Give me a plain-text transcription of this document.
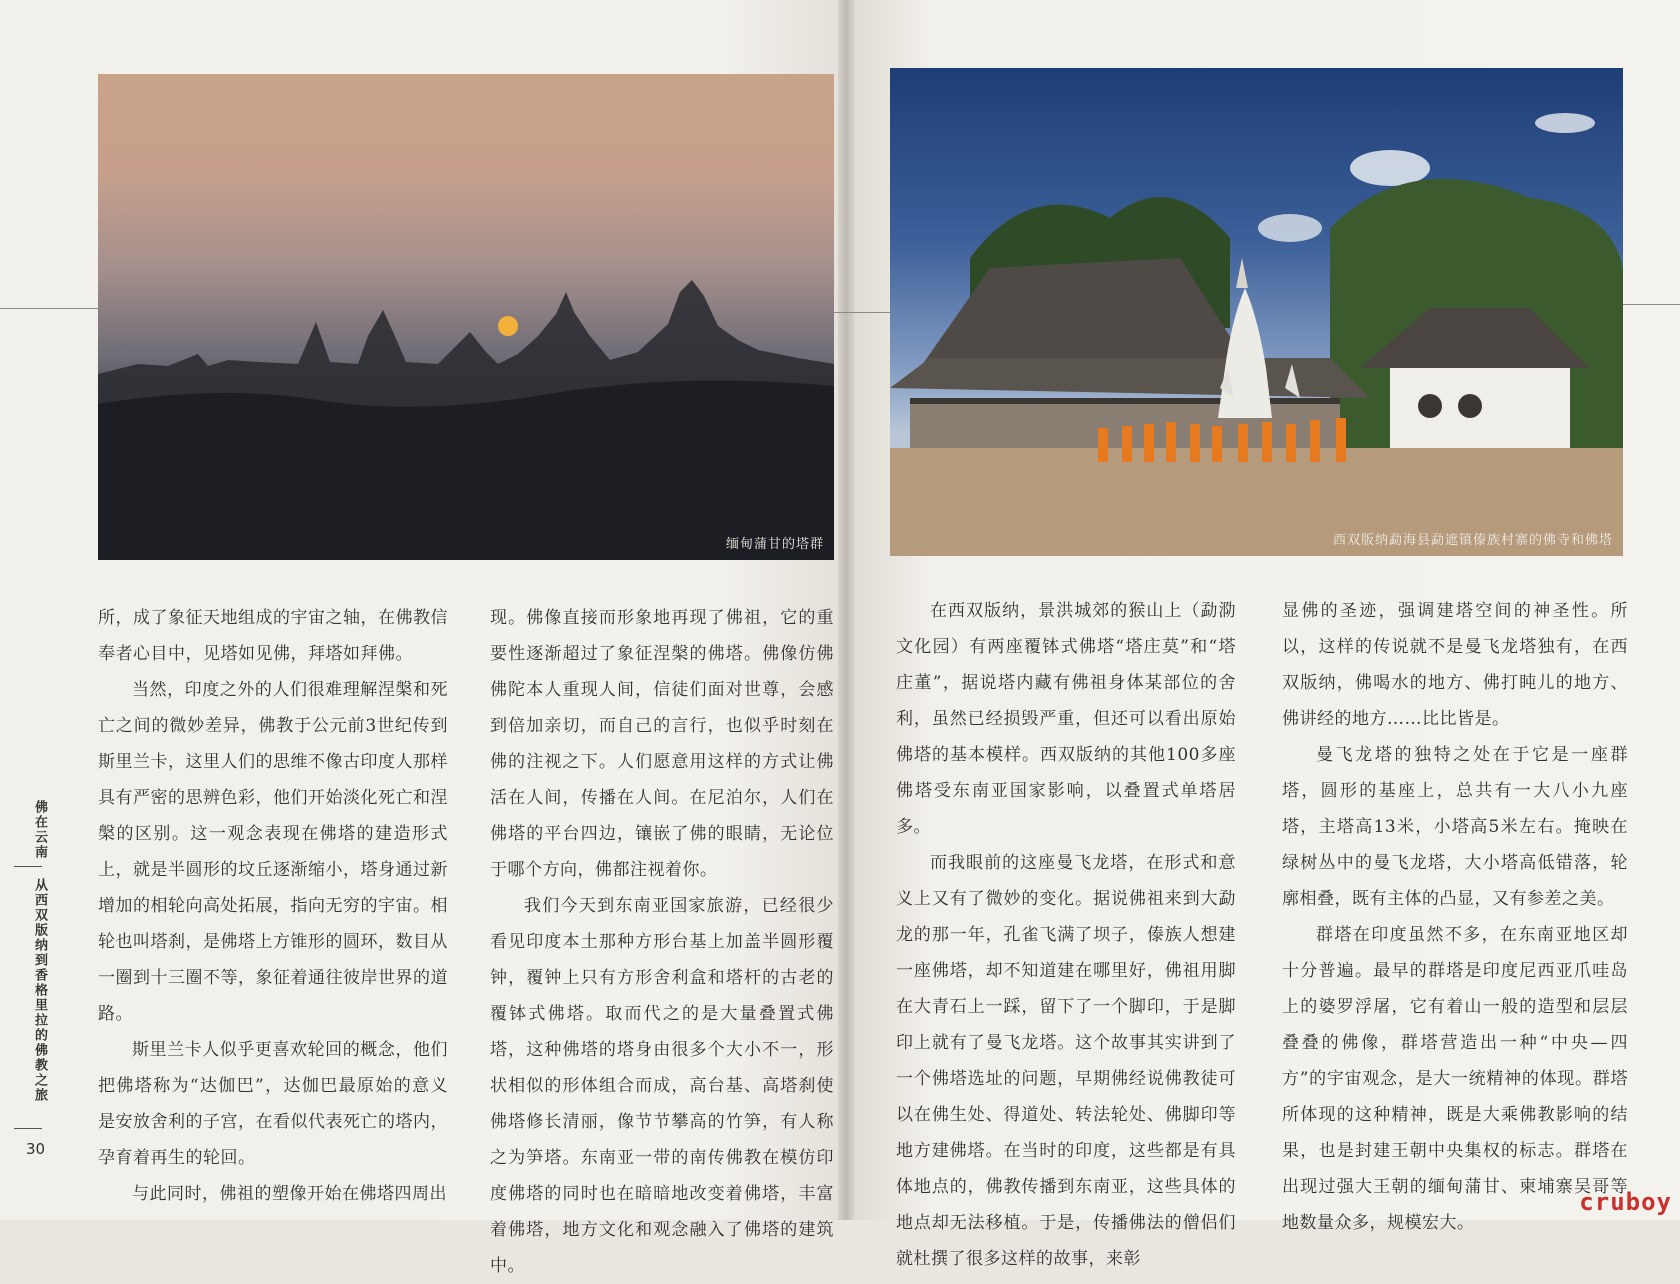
缅甸蒲甘的塔群	西双版纳勐海县勐遮镇傣族村寨的佛寺和佛塔

所，成了象征天地组成的宇宙之轴，在佛教信奉者心目中，见塔如见佛，拜塔如拜佛。

当然，印度之外的人们很难理解涅槃和死亡之间的微妙差异，佛教于公元前3世纪传到斯里兰卡，这里人们的思维不像古印度人那样具有严密的思辨色彩，他们开始淡化死亡和涅槃的区别。这一观念表现在佛塔的建造形式上，就是半圆形的坟丘逐渐缩小，塔身通过新增加的相轮向高处拓展，指向无穷的宇宙。相轮也叫塔刹，是佛塔上方锥形的圆环，数目从一圈到十三圈不等，象征着通往彼岸世界的道路。

斯里兰卡人似乎更喜欢轮回的概念，他们把佛塔称为“达伽巴”，达伽巴最原始的意义是安放舍利的子宫，在看似代表死亡的塔内，孕育着再生的轮回。

与此同时，佛祖的塑像开始在佛塔四周出

现。佛像直接而形象地再现了佛祖，它的重要性逐渐超过了象征涅槃的佛塔。佛像仿佛佛陀本人重现人间，信徒们面对世尊，会感到倍加亲切，而自己的言行，也似乎时刻在佛的注视之下。人们愿意用这样的方式让佛活在人间，传播在人间。在尼泊尔，人们在佛塔的平台四边，镶嵌了佛的眼睛，无论位于哪个方向，佛都注视着你。

我们今天到东南亚国家旅游，已经很少看见印度本土那种方形台基上加盖半圆形覆钟，覆钟上只有方形舍利盒和塔杆的古老的覆钵式佛塔。取而代之的是大量叠置式佛塔，这种佛塔的塔身由很多个大小不一，形状相似的形体组合而成，高台基、高塔刹使佛塔修长清丽，像节节攀高的竹笋，有人称之为笋塔。东南亚一带的南传佛教在模仿印度佛塔的同时也在暗暗地改变着佛塔，丰富着佛塔，地方文化和观念融入了佛塔的建筑中。

在西双版纳，景洪城郊的猴山上（勐泐文化园）有两座覆钵式佛塔“塔庄莫”和“塔庄董”，据说塔内藏有佛祖身体某部位的舍利，虽然已经损毁严重，但还可以看出原始佛塔的基本模样。西双版纳的其他100多座佛塔受东南亚国家影响，以叠置式单塔居多。

而我眼前的这座曼飞龙塔，在形式和意义上又有了微妙的变化。据说佛祖来到大勐龙的那一年，孔雀飞满了坝子，傣族人想建一座佛塔，却不知道建在哪里好，佛祖用脚在大青石上一踩，留下了一个脚印，于是脚印上就有了曼飞龙塔。这个故事其实讲到了一个佛塔选址的问题，早期佛经说佛教徒可以在佛生处、得道处、转法轮处、佛脚印等地方建佛塔。在当时的印度，这些都是有具体地点的，佛教传播到东南亚，这些具体的地点却无法移植。于是，传播佛法的僧侣们就杜撰了很多这样的故事，来彰

显佛的圣迹，强调建塔空间的神圣性。所以，这样的传说就不是曼飞龙塔独有，在西双版纳，佛喝水的地方、佛打盹儿的地方、佛讲经的地方……比比皆是。

曼飞龙塔的独特之处在于它是一座群塔，圆形的基座上，总共有一大八小九座塔，主塔高13米，小塔高5米左右。掩映在绿树丛中的曼飞龙塔，大小塔高低错落，轮廓相叠，既有主体的凸显，又有参差之美。

群塔在印度虽然不多，在东南亚地区却十分普遍。最早的群塔是印度尼西亚爪哇岛上的婆罗浮屠，它有着山一般的造型和层层叠叠的佛像，群塔营造出一种“中央—四方”的宇宙观念，是大一统精神的体现。群塔所体现的这种精神，既是大乘佛教影响的结果，也是封建王朝中央集权的标志。群塔在出现过强大王朝的缅甸蒲甘、柬埔寨吴哥等地数量众多，规模宏大。

佛在云南
从西双版纳到香格里拉的佛教之旅
30
cruboy
